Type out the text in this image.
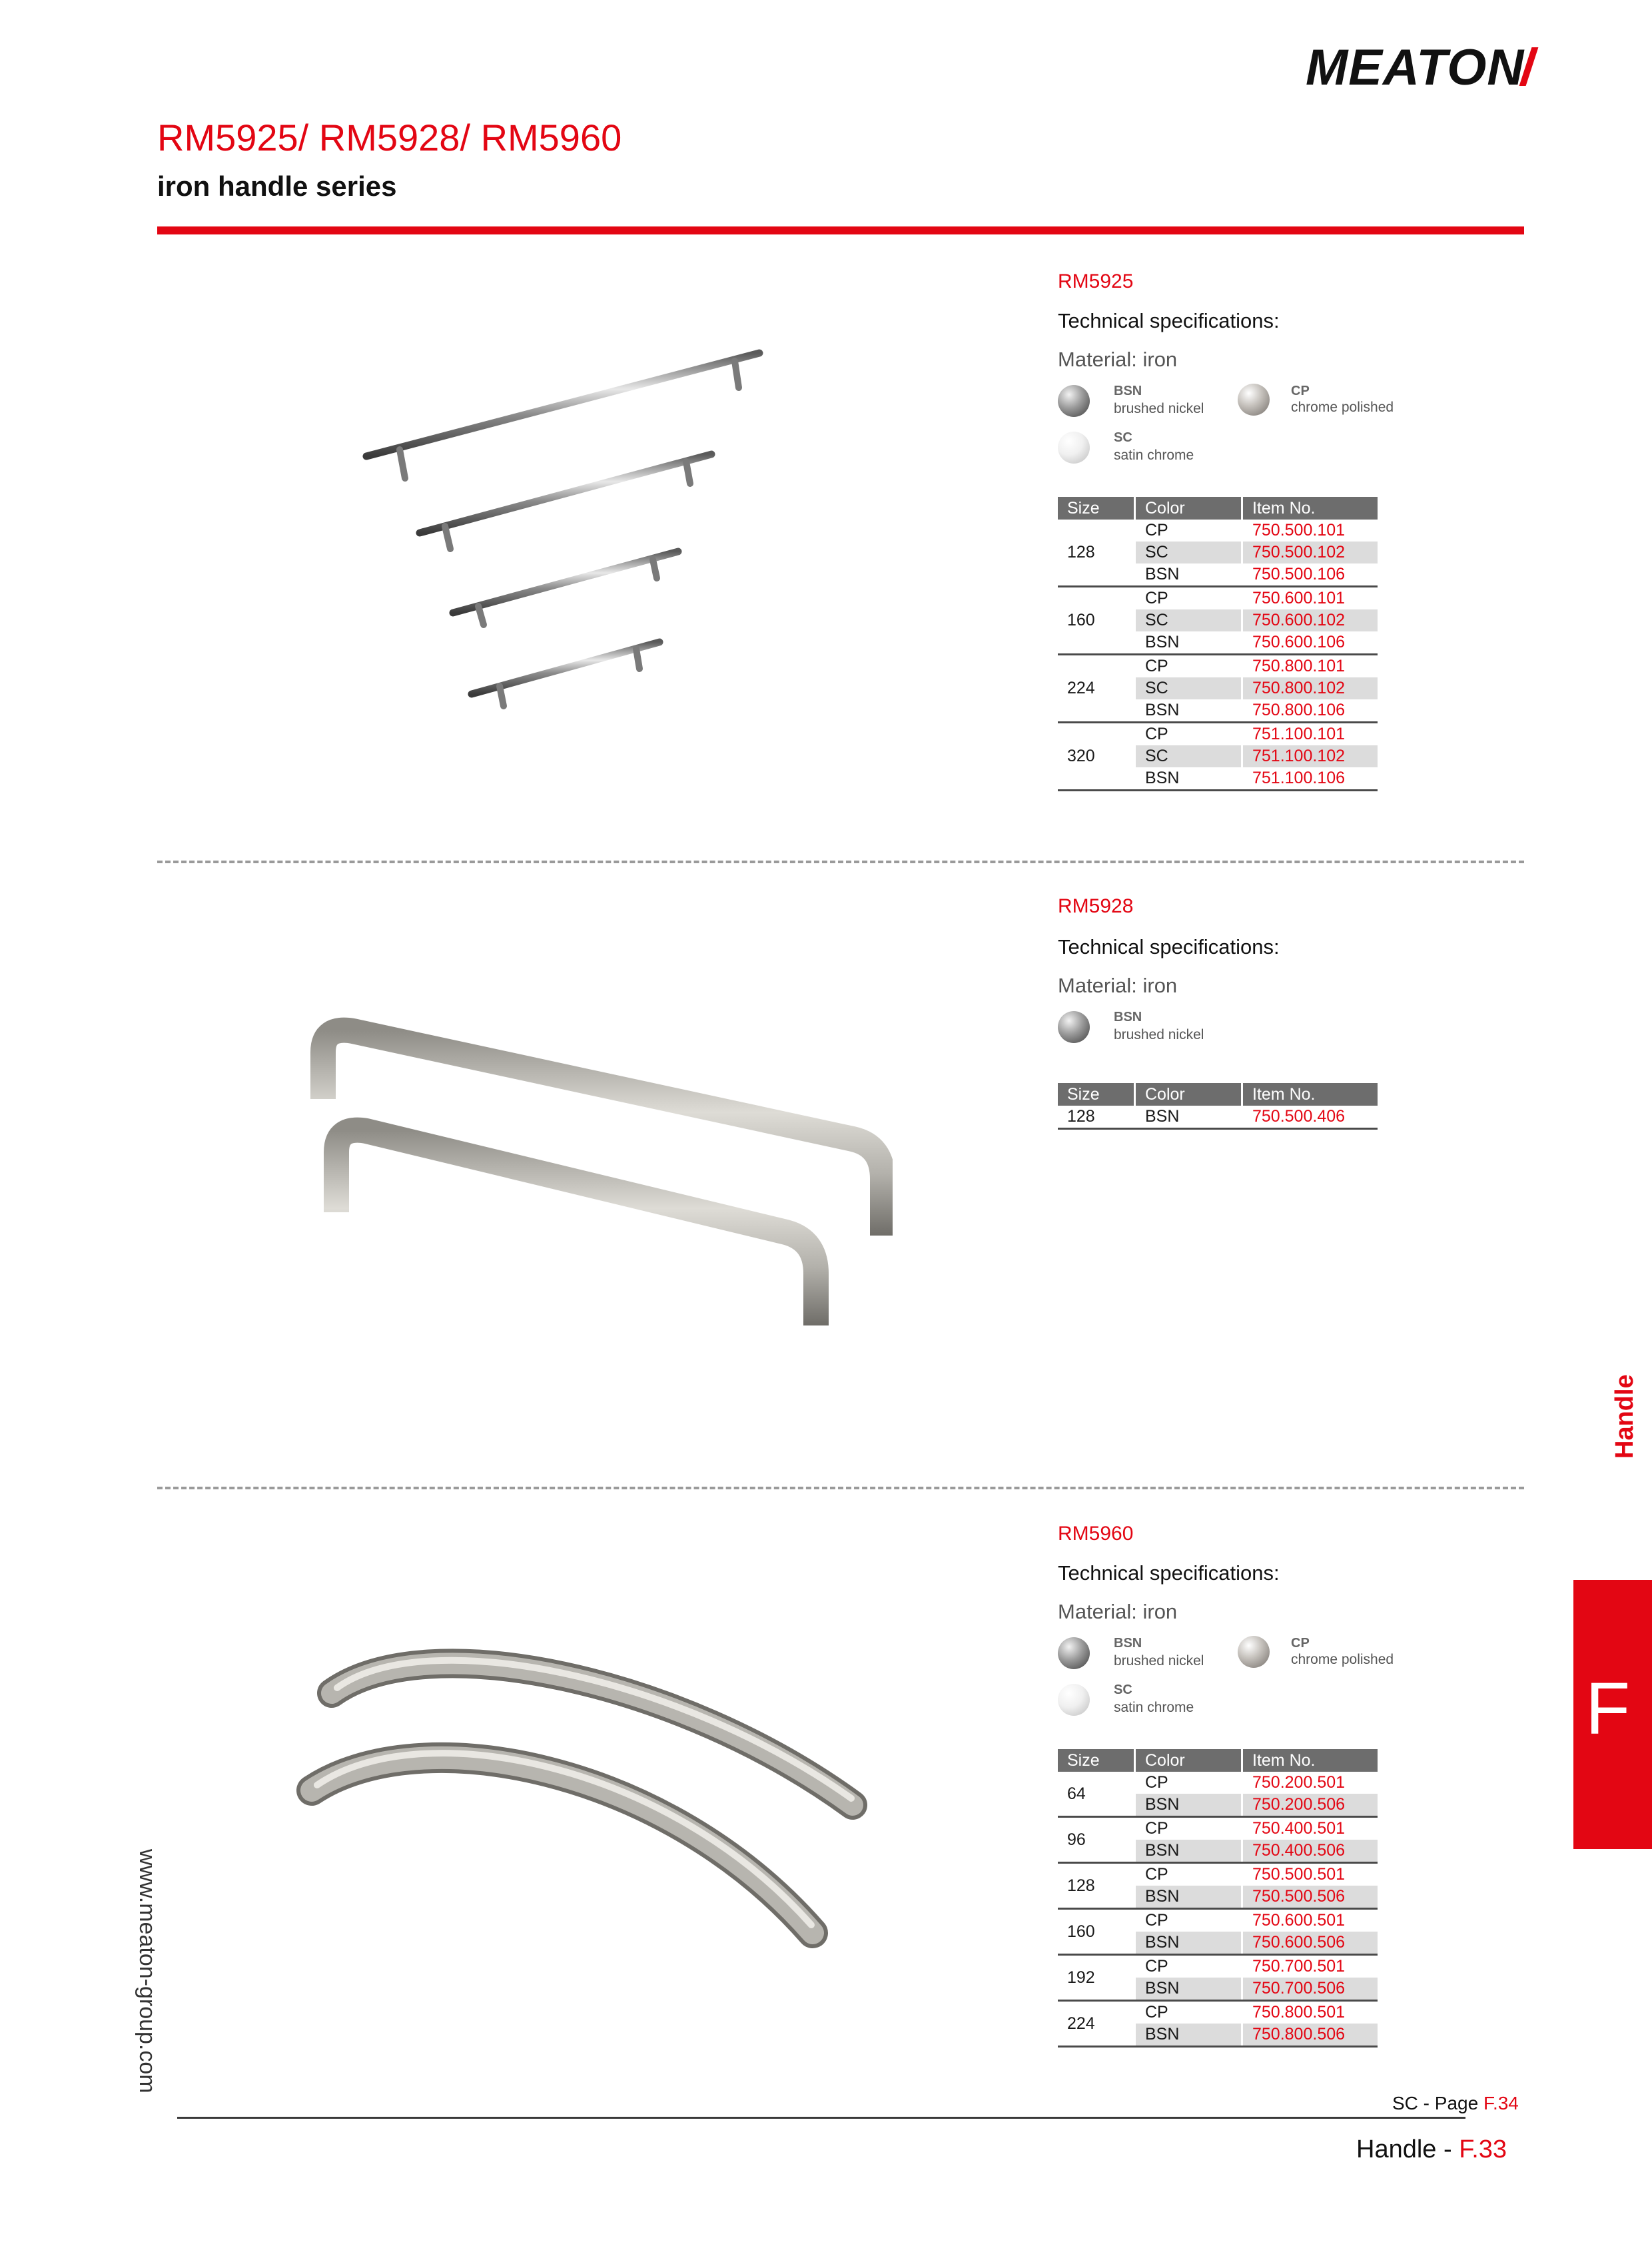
MEATON
RM5925/ RM5928/ RM5960
iron handle series
RM5925
Technical specifications:
Material: iron
BSN
brushed nickel
CP
chrome polished
SC
satin chrome
Size	Color	Item No.
128	CP	750.500.101
	SC	750.500.102
	BSN	750.500.106
160	CP	750.600.101
	SC	750.600.102
	BSN	750.600.106
224	CP	750.800.101
	SC	750.800.102
	BSN	750.800.106
320	CP	751.100.101
	SC	751.100.102
	BSN	751.100.106
RM5928
Technical specifications:
Material: iron
BSN
brushed nickel
Size	Color	Item No.
128	BSN	750.500.406
RM5960
Technical specifications:
Material: iron
BSN
brushed nickel
CP
chrome polished
SC
satin chrome
Size	Color	Item No.
64	CP	750.200.501
	BSN	750.200.506
96	CP	750.400.501
	BSN	750.400.506
128	CP	750.500.501
	BSN	750.500.506
160	CP	750.600.501
	BSN	750.600.506
192	CP	750.700.501
	BSN	750.700.506
224	CP	750.800.501
	BSN	750.800.506
Handle
F
www.meaton-group.com
SC - Page F.34
Handle - F.33
